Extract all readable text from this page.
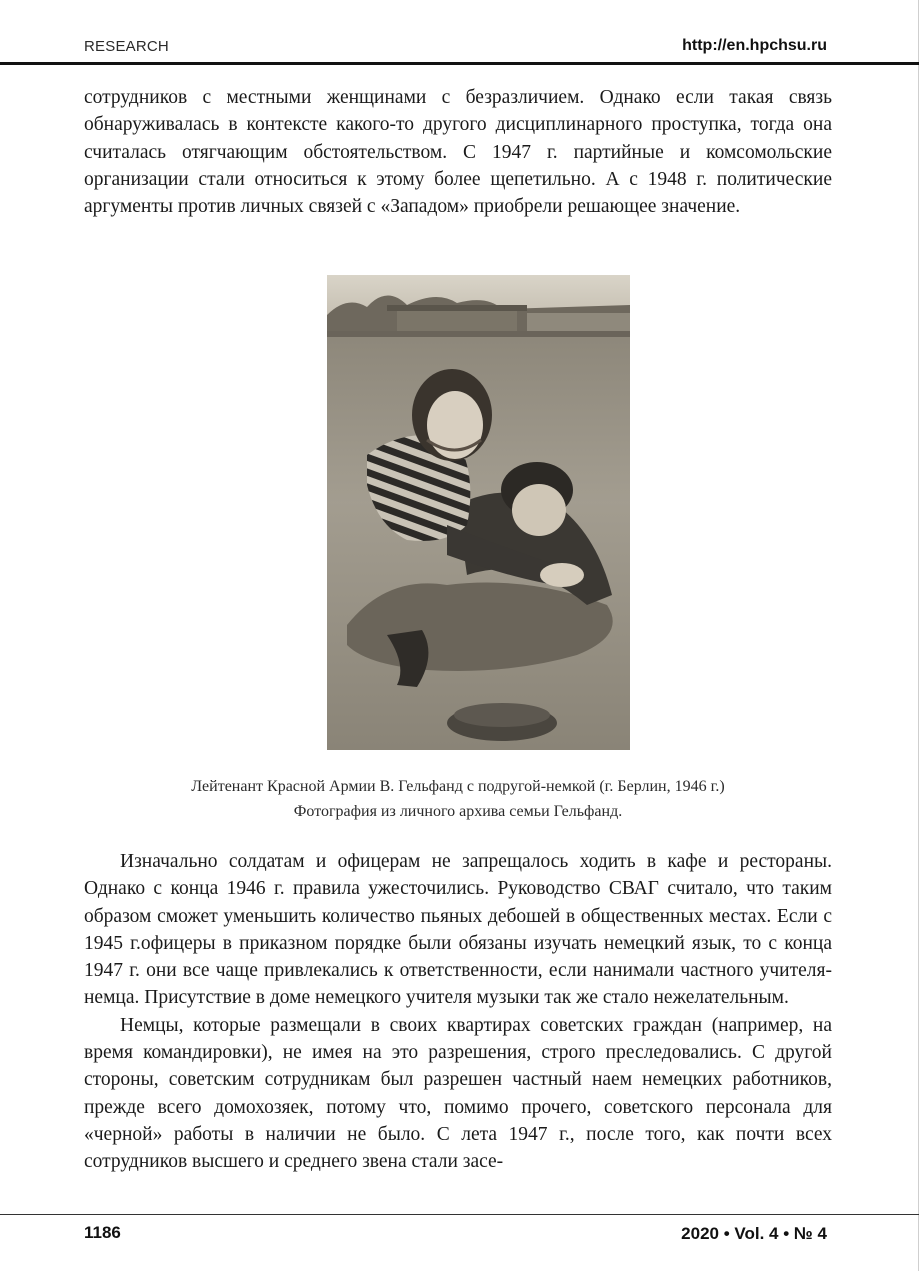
RESEARCH	http://en.hpchsu.ru

сотрудников с местными женщинами с безразличием. Однако если такая связь обнаруживалась в контексте какого-то другого дисциплинарного проступка, тогда она считалась отягчающим обстоятельством. С 1947 г. партийные и комсомольские организации стали относиться к этому более щепетильно. А с 1948 г. политические аргументы против личных связей с «Западом» приобрели решающее значение.

Лейтенант Красной Армии В. Гельфанд с подругой-немкой (г. Берлин, 1946 г.)
Фотография из личного архива семьи Гельфанд.

Изначально солдатам и офицерам не запрещалось ходить в кафе и рестораны. Однако с конца 1946 г. правила ужесточились. Руководство СВАГ считало, что таким образом сможет уменьшить количество пьяных дебошей в общественных местах. Если с 1945 г.офицеры в приказном порядке были обязаны изучать немецкий язык, то с конца 1947 г. они все чаще привлекались к ответственности, если нанимали частного учителя-немца. Присутствие в доме немецкого учителя музыки так же стало нежелательным.

Немцы, которые размещали в своих квартирах советских граждан (например, на время командировки), не имея на это разрешения, строго преследовались. С другой стороны, советским сотрудникам был разрешен частный наем немецких работников, прежде всего домохозяек, потому что, помимо прочего, советского персонала для «черной» работы в наличии не было. С лета 1947 г., после того, как почти всех сотрудников высшего и среднего звена стали засе-

1186	2020 • Vol. 4 • № 4
